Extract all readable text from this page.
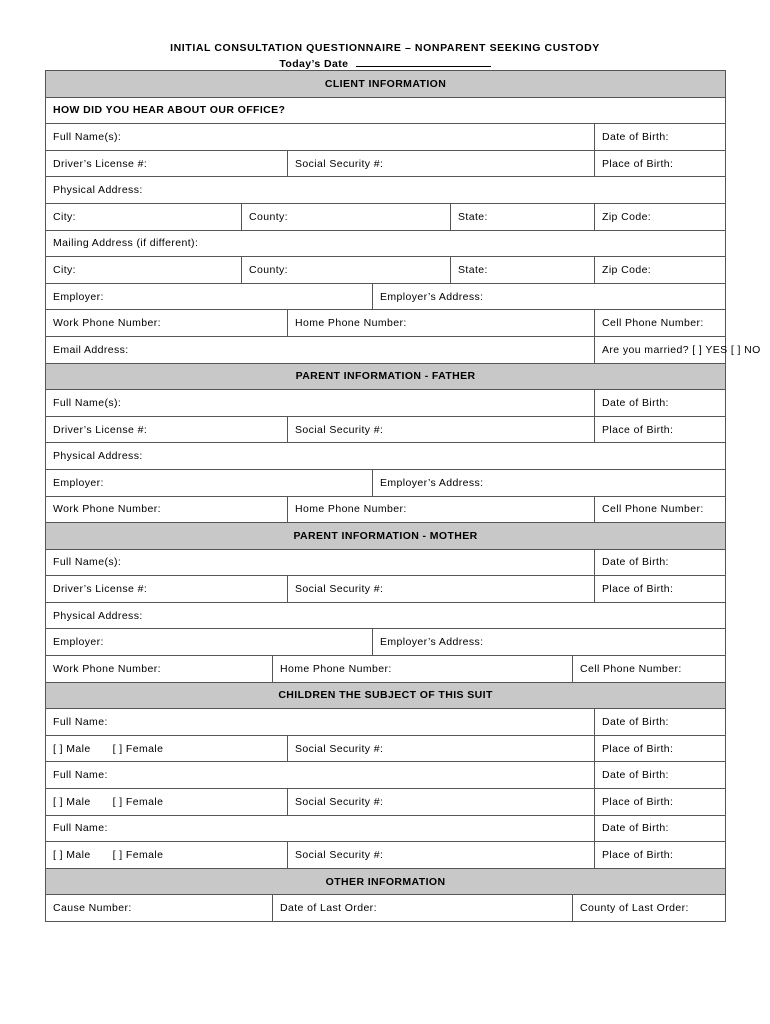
INITIAL CONSULTATION QUESTIONNAIRE – NONPARENT SEEKING CUSTODY
Today’s Date
CLIENT INFORMATION							
HOW DID YOU HEAR ABOUT OUR OFFICE?							
Full Name(s):							Date of Birth:
Driver’s License #:			Social Security #:				Place of Birth:
Physical Address:							
City:	County:				State:		Zip Code:
Mailing Address (if different):							
City:	County:				State:		Zip Code:
Employer:				Employer’s Address:			
Work Phone Number:			Home Phone Number:				Cell Phone Number:
Email Address:							Are you married? [ ] YES [ ] NO
PARENT INFORMATION - FATHER							
Full Name(s):							Date of Birth:
Driver’s License #:			Social Security #:				Place of Birth:
Physical Address:							
Employer:				Employer’s Address:			
Work Phone Number:			Home Phone Number:				Cell Phone Number:
PARENT INFORMATION - MOTHER							
Full Name(s):							Date of Birth:
Driver’s License #:			Social Security #:				Place of Birth:
Physical Address:							
Employer:				Employer’s Address:			
Work Phone Number:		Home Phone Number:				Cell Phone Number:	
CHILDREN THE SUBJECT OF THIS SUIT							
Full Name:							Date of Birth:
[ ] Male [ ] Female			Social Security #:				Place of Birth:
Full Name:							Date of Birth:
[ ] Male [ ] Female			Social Security #:				Place of Birth:
Full Name:							Date of Birth:
[ ] Male [ ] Female			Social Security #:				Place of Birth:
OTHER INFORMATION							
Cause Number:		Date of Last Order:				County of Last Order:	
